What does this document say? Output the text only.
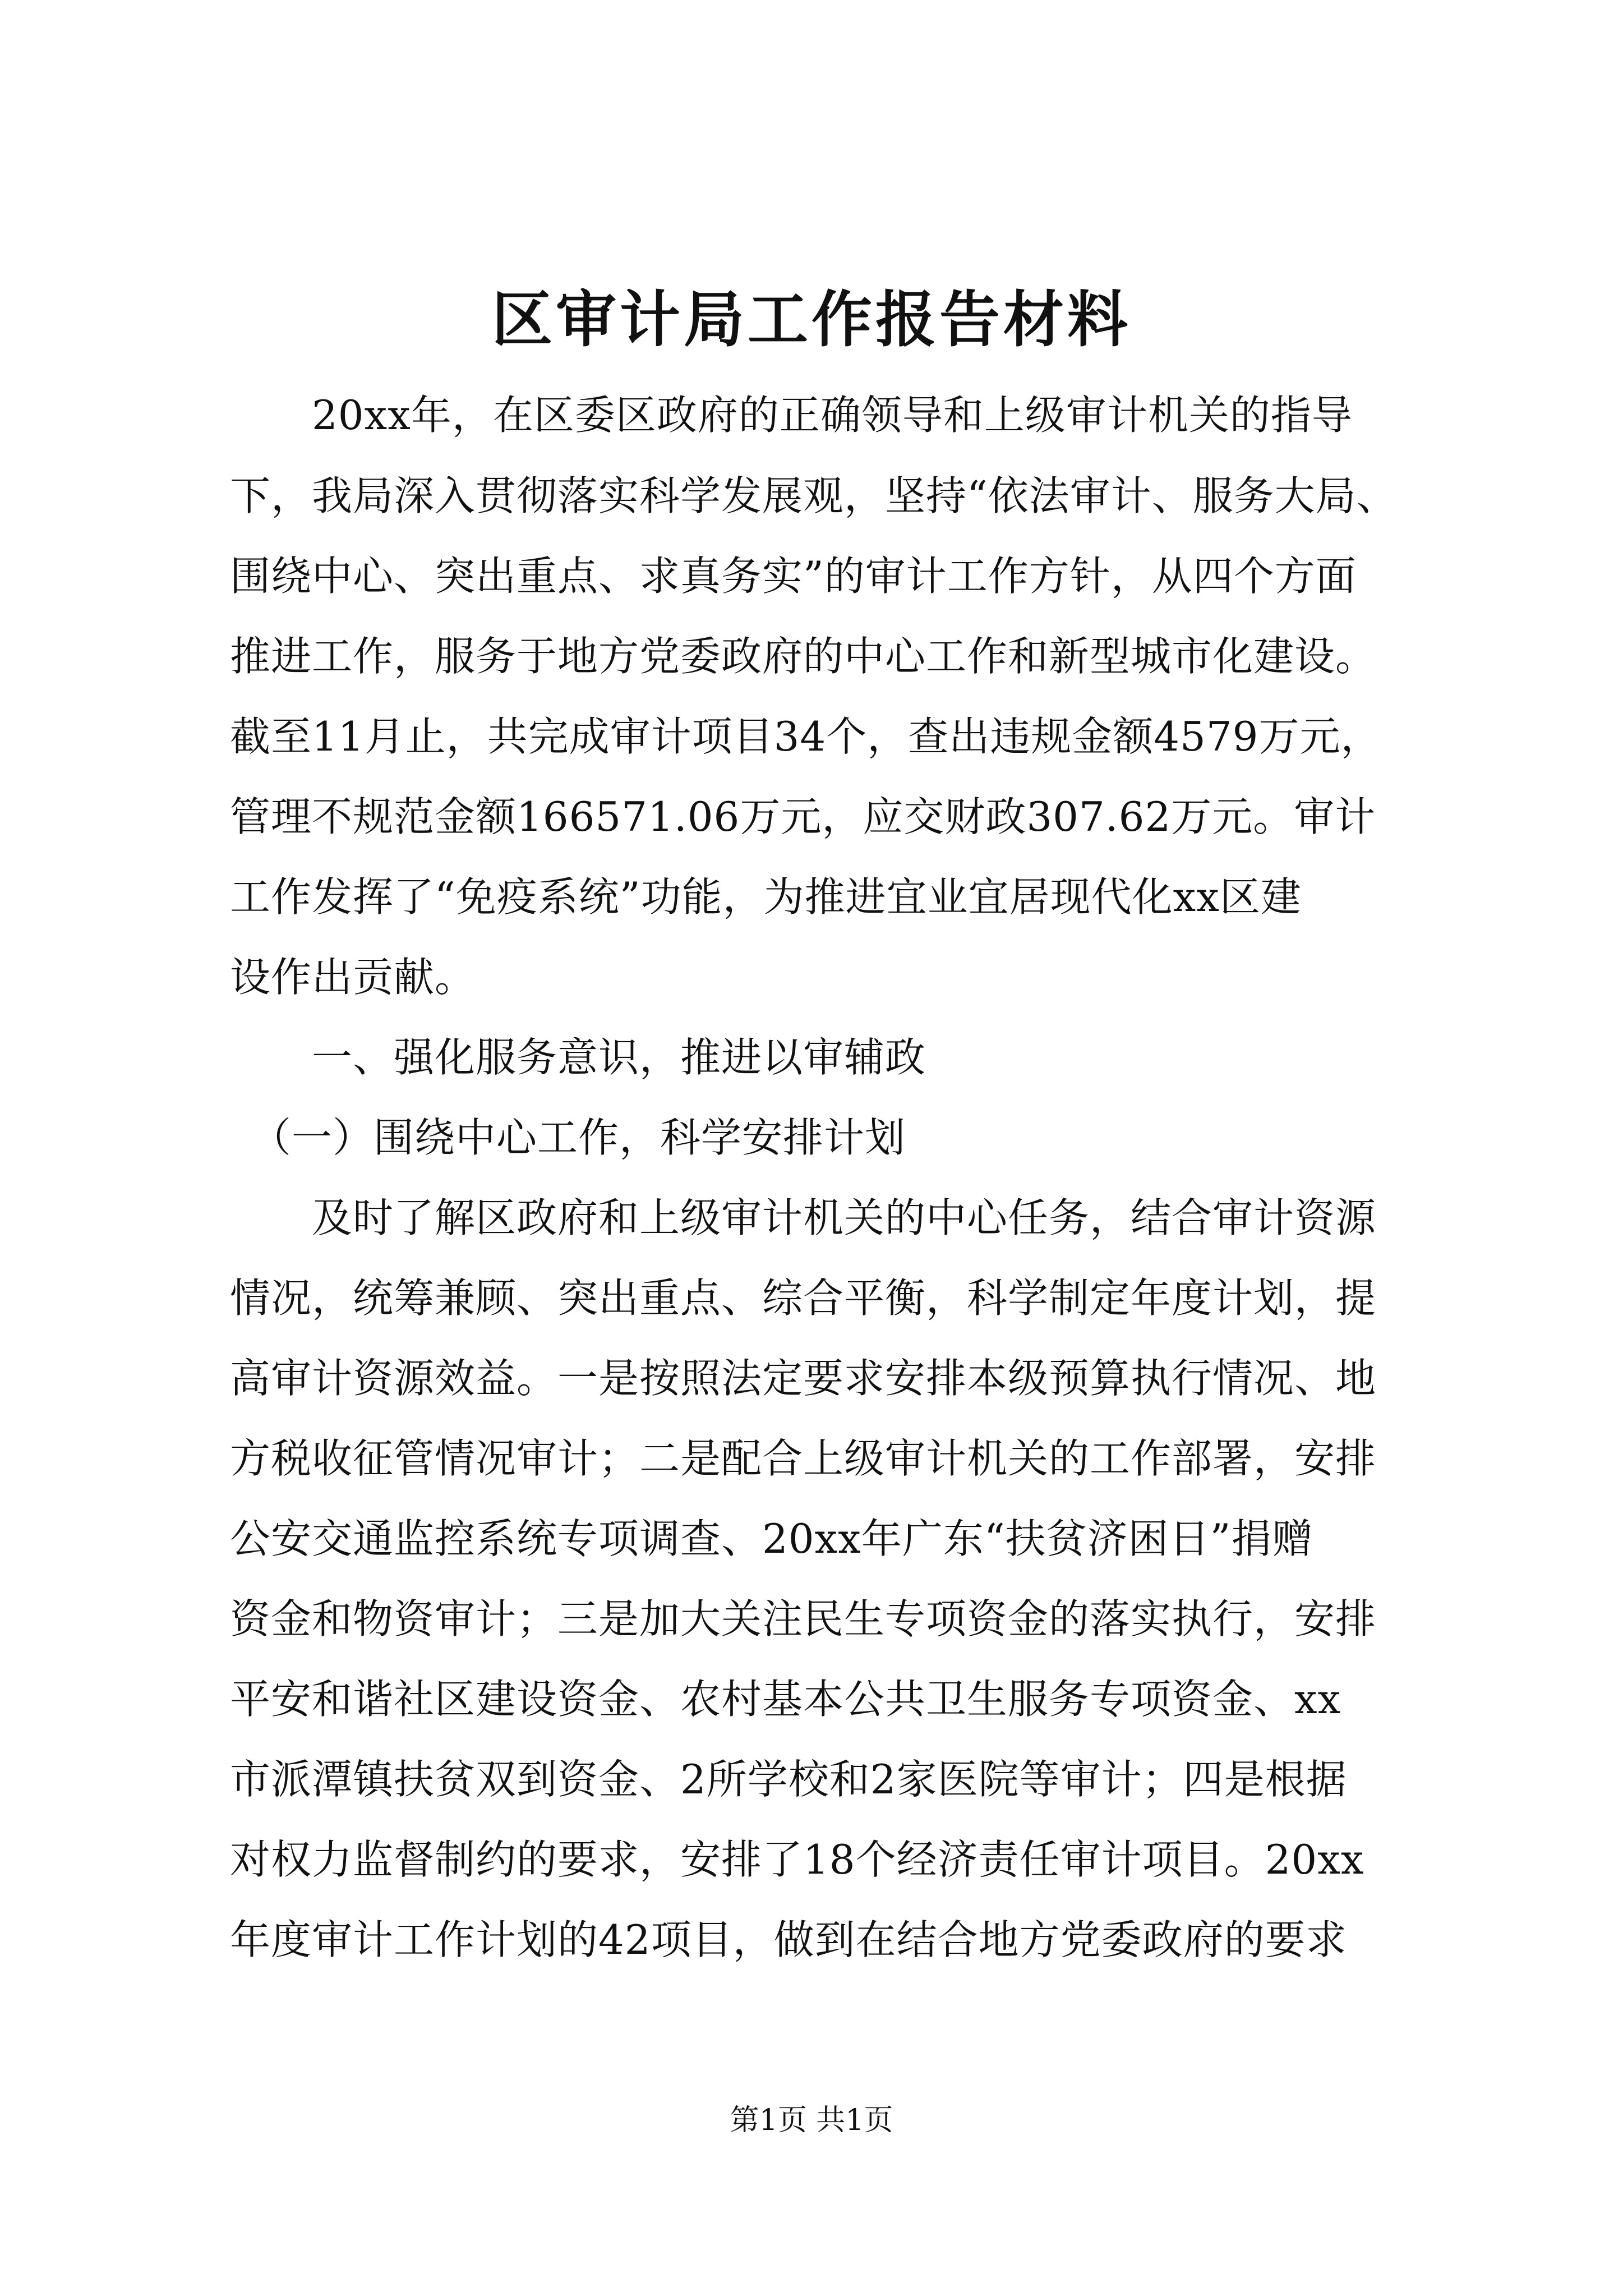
区审计局工作报告材料
　　20xx年，在区委区政府的正确领导和上级审计机关的指导
下，我局深入贯彻落实科学发展观，坚持“依法审计、服务大局、
围绕中心、突出重点、求真务实”的审计工作方针，从四个方面
推进工作，服务于地方党委政府的中心工作和新型城市化建设。
截至11月止，共完成审计项目34个，查出违规金额4579万元，
管理不规范金额166571.06万元，应交财政307.62万元。审计
工作发挥了“免疫系统”功能，为推进宜业宜居现代化xx区建
设作出贡献。
　　一、强化服务意识，推进以审辅政
　（一）围绕中心工作，科学安排计划
　　及时了解区政府和上级审计机关的中心任务，结合审计资源
情况，统筹兼顾、突出重点、综合平衡，科学制定年度计划，提
高审计资源效益。一是按照法定要求安排本级预算执行情况、地
方税收征管情况审计；二是配合上级审计机关的工作部署，安排
公安交通监控系统专项调查、20xx年广东“扶贫济困日”捐赠
资金和物资审计；三是加大关注民生专项资金的落实执行，安排
平安和谐社区建设资金、农村基本公共卫生服务专项资金、xx
市派潭镇扶贫双到资金、2所学校和2家医院等审计；四是根据
对权力监督制约的要求，安排了18个经济责任审计项目。20xx
年度审计工作计划的42项目，做到在结合地方党委政府的要求
第1页 共1页
